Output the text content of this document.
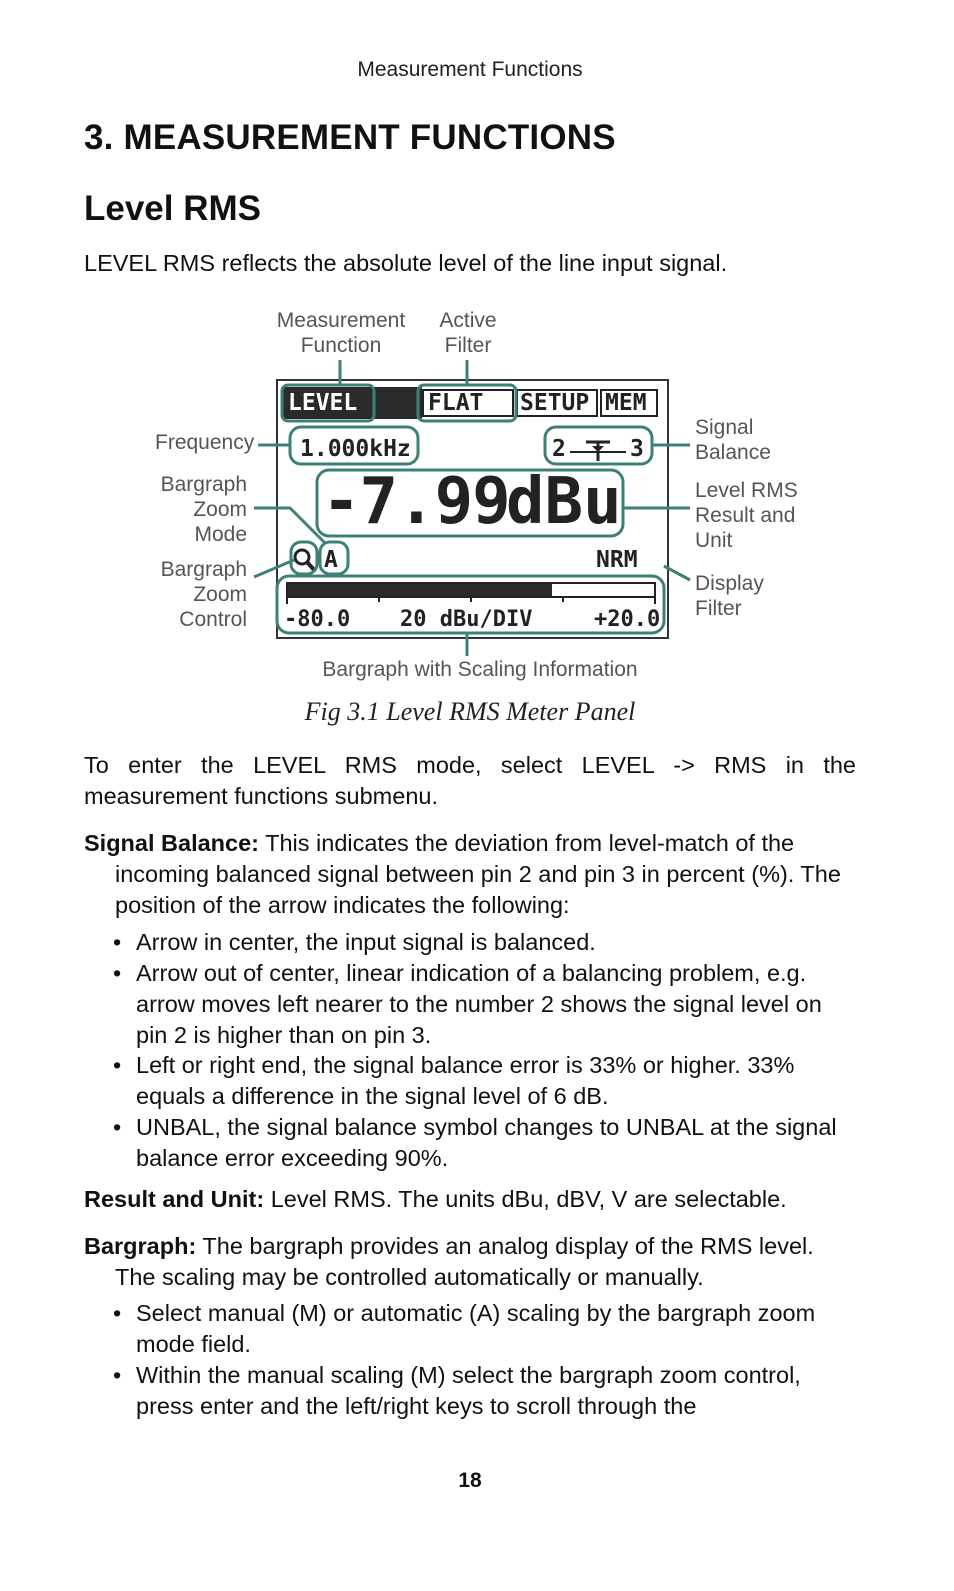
Measurement Functions
3. MEASUREMENT FUNCTIONS
Level RMS
LEVEL RMS reflects the absolute level of the line input signal.
Measurement
Function
Active
Filter
Frequency
Bargraph
Zoom
Mode
Bargraph
Zoom
Control
Signal
Balance
Level RMS
Result and
Unit
Display
Filter
Bargraph with Scaling Information
LEVEL	FLAT SETUP MEM
1.000kHz	2	3
-7.99
dBu
A	NRM
-80.0 20 dBu/DIV	+20.0
Fig 3.1 Level RMS Meter Panel
To enter the LEVEL RMS mode, select LEVEL -> RMS in the measurement functions submenu.
Signal Balance: This indicates the deviation from level-match of the incoming balanced signal between pin 2 and pin 3 in percent (%). The position of the arrow indicates the following:
• Arrow in center, the input signal is balanced.
• Arrow out of center, linear indication of a balancing problem, e.g. arrow moves left nearer to the number 2 shows the signal level on pin 2 is higher than on pin 3.
• Left or right end, the signal balance error is 33% or higher. 33% equals a difference in the signal level of 6 dB.
• UNBAL, the signal balance symbol changes to UNBAL at the signal balance error exceeding 90%.
Result and Unit: Level RMS. The units dBu, dBV, V are selectable.
Bargraph: The bargraph provides an analog display of the RMS level. The scaling may be controlled automatically or manually.
• Select manual (M) or automatic (A) scaling by the bargraph zoom mode field.
• Within the manual scaling (M) select the bargraph zoom control, press enter and the left/right keys to scroll through the
18
